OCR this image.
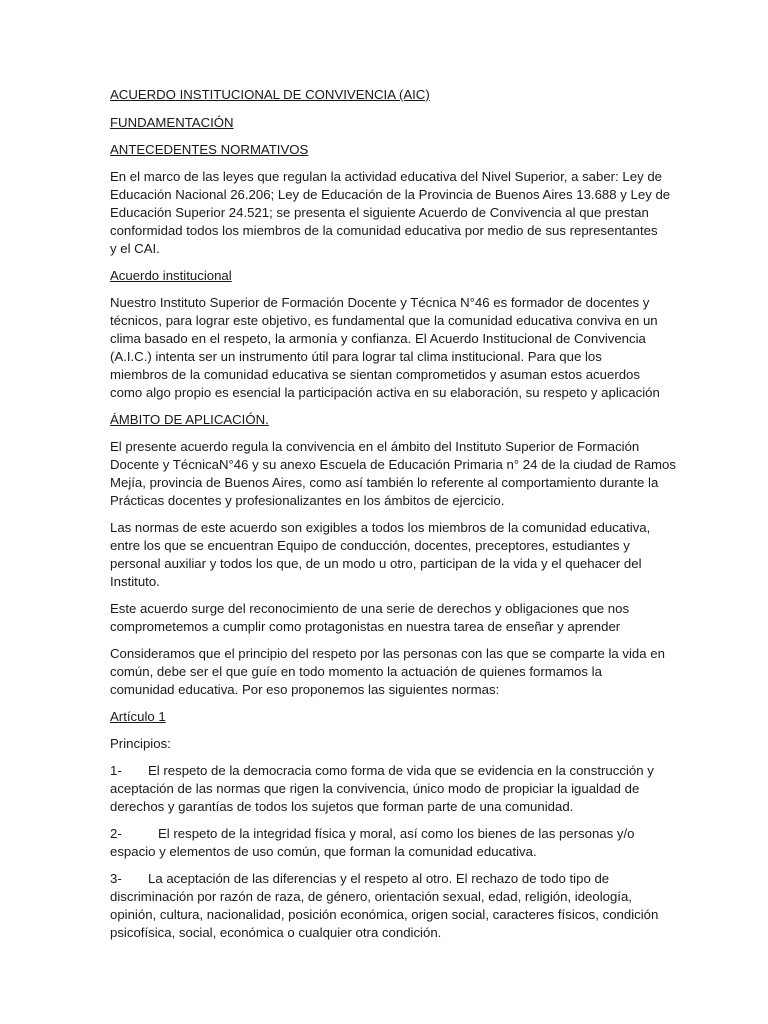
ACUERDO INSTITUCIONAL DE CONVIVENCIA (AIC)
FUNDAMENTACIÓN
ANTECEDENTES NORMATIVOS
En el marco de las leyes que regulan la actividad educativa del Nivel Superior, a saber: Ley de
Educación Nacional 26.206; Ley de Educación de la Provincia de Buenos Aires 13.688 y Ley de
Educación Superior 24.521; se presenta el siguiente Acuerdo de Convivencia al que prestan
conformidad todos los miembros de la comunidad educativa por medio de sus representantes
y el CAI.
Acuerdo institucional
Nuestro Instituto Superior de Formación Docente y Técnica N°46 es formador de docentes y
técnicos, para lograr este objetivo, es fundamental que la comunidad educativa conviva en un
clima basado en el respeto, la armonía y confianza. El Acuerdo Institucional de Convivencia
(A.I.C.) intenta ser un instrumento útil para lograr tal clima institucional. Para que los
miembros de la comunidad educativa se sientan comprometidos y asuman estos acuerdos
como algo propio es esencial la participación activa en su elaboración, su respeto y aplicación
ÁMBITO DE APLICACIÓN.
El presente acuerdo regula la convivencia en el ámbito del Instituto Superior de Formación
Docente y TécnicaN°46 y su anexo Escuela de Educación Primaria n° 24 de la ciudad de Ramos
Mejía, provincia de Buenos Aires, como así también lo referente al comportamiento durante la
Prácticas docentes y profesionalizantes en los ámbitos de ejercicio.
Las normas de este acuerdo son exigibles a todos los miembros de la comunidad educativa,
entre los que se encuentran Equipo de conducción, docentes, preceptores, estudiantes y
personal auxiliar y todos los que, de un modo u otro, participan de la vida y el quehacer del
Instituto.
Este acuerdo surge del reconocimiento de una serie de derechos y obligaciones que nos
comprometemos a cumplir como protagonistas en nuestra tarea de enseñar y aprender
Consideramos que el principio del respeto por las personas con las que se comparte la vida en
común, debe ser el que guíe en todo momento la actuación de quienes formamos la
comunidad educativa. Por eso proponemos las siguientes normas:
Artículo 1
Principios:
1- El respeto de la democracia como forma de vida que se evidencia en la construcción y
aceptación de las normas que rigen la convivencia, único modo de propiciar la igualdad de
derechos y garantías de todos los sujetos que forman parte de una comunidad.
2-	El respeto de la integridad física y moral, así como los bienes de las personas y/o
espacio y elementos de uso común, que forman la comunidad educativa.
3- La aceptación de las diferencias y el respeto al otro. El rechazo de todo tipo de
discriminación por razón de raza, de género, orientación sexual, edad, religión, ideología,
opinión, cultura, nacionalidad, posición económica, origen social, caracteres físicos, condición
psicofísica, social, económica o cualquier otra condición.
